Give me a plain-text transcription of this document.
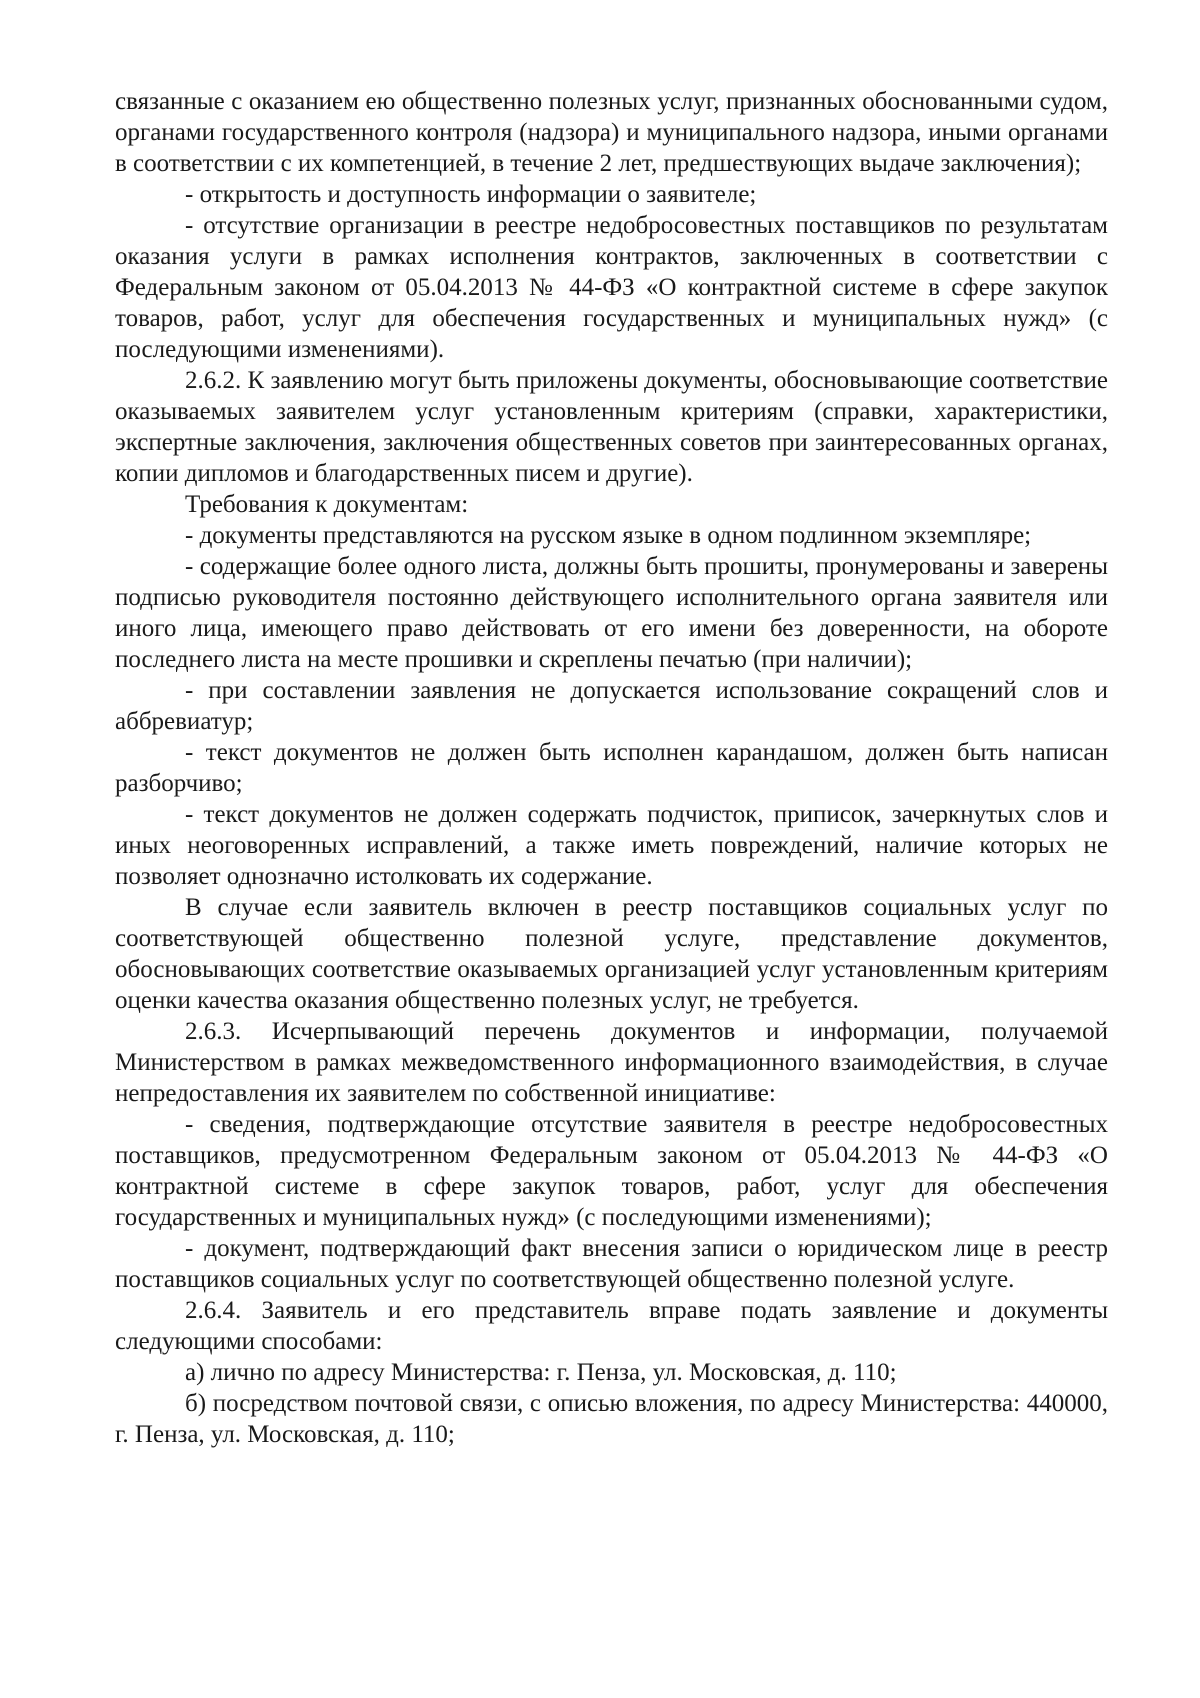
связанные с оказанием ею общественно полезных услуг, признанных обоснованными судом, органами государственного контроля (надзора) и муниципального надзора, иными органами в соответствии с их компетенцией, в течение 2 лет, предшествующих выдаче заключения);

- открытость и доступность информации о заявителе;

- отсутствие организации в реестре недобросовестных поставщиков по результатам оказания услуги в рамках исполнения контрактов, заключенных в соответствии с Федеральным законом от 05.04.2013 № 44-ФЗ «О контрактной системе в сфере закупок товаров, работ, услуг для обеспечения государственных и муниципальных нужд» (с последующими изменениями).

2.6.2. К заявлению могут быть приложены документы, обосновывающие соответствие оказываемых заявителем услуг установленным критериям (справки, характеристики, экспертные заключения, заключения общественных советов при заинтересованных органах, копии дипломов и благодарственных писем и другие).

Требования к документам:

- документы представляются на русском языке в одном подлинном экземпляре;

- содержащие более одного листа, должны быть прошиты, пронумерованы и заверены подписью руководителя постоянно действующего исполнительного органа заявителя или иного лица, имеющего право действовать от его имени без доверенности, на обороте последнего листа на месте прошивки и скреплены печатью (при наличии);

- при составлении заявления не допускается использование сокращений слов и аббревиатур;

- текст документов не должен быть исполнен карандашом, должен быть написан разборчиво;

- текст документов не должен содержать подчисток, приписок, зачеркнутых слов и иных неоговоренных исправлений, а также иметь повреждений, наличие которых не позволяет однозначно истолковать их содержание.

В случае если заявитель включен в реестр поставщиков социальных услуг по соответствующей общественно полезной услуге, представление документов, обосновывающих соответствие оказываемых организацией услуг установленным критериям оценки качества оказания общественно полезных услуг, не требуется.

2.6.3. Исчерпывающий перечень документов и информации, получаемой Министерством в рамках межведомственного информационного взаимодействия, в случае непредоставления их заявителем по собственной инициативе:

- сведения, подтверждающие отсутствие заявителя в реестре недобросовестных поставщиков, предусмотренном Федеральным законом от 05.04.2013 № 44-ФЗ «О контрактной системе в сфере закупок товаров, работ, услуг для обеспечения государственных и муниципальных нужд» (с последующими изменениями);

- документ, подтверждающий факт внесения записи о юридическом лице в реестр поставщиков социальных услуг по соответствующей общественно полезной услуге.

2.6.4. Заявитель и его представитель вправе подать заявление и документы следующими способами:

а) лично по адресу Министерства: г. Пенза, ул. Московская, д. 110;

б) посредством почтовой связи, с описью вложения, по адресу Министерства: 440000, г. Пенза, ул. Московская, д. 110;
